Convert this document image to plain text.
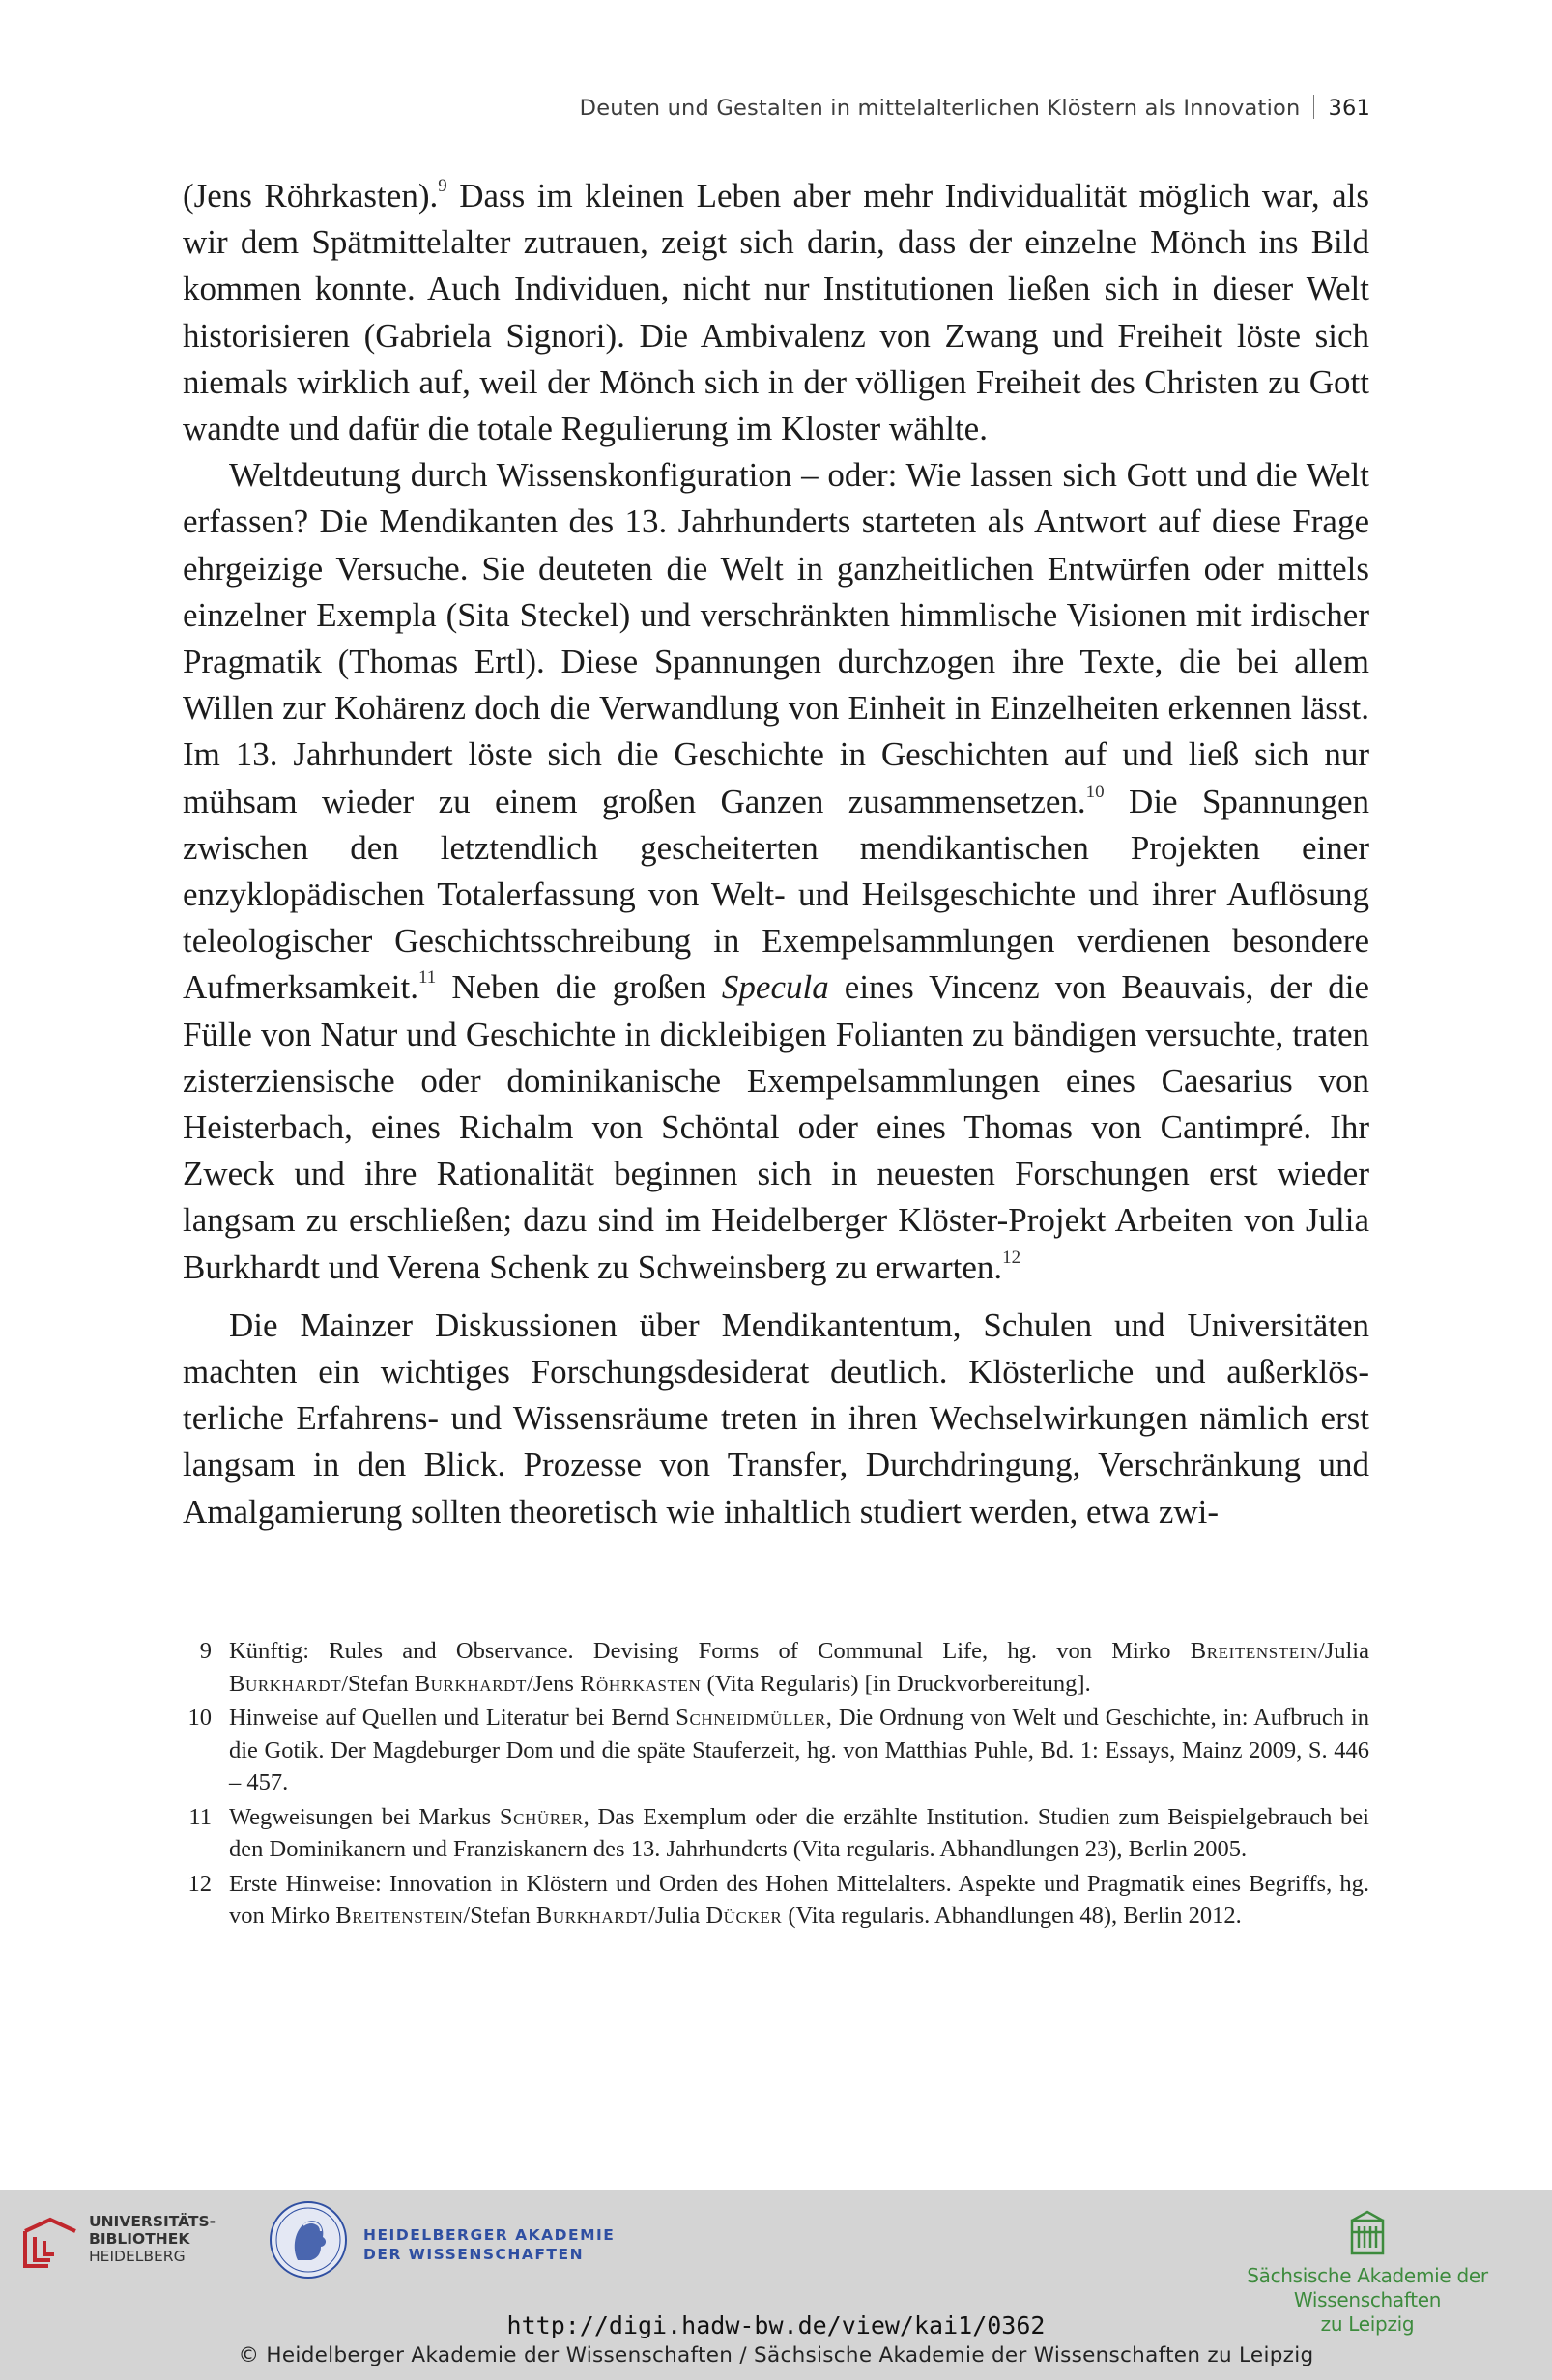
Deuten und Gestalten in mittelalterlichen Klöstern als Innovation 361

(Jens Röhrkasten).$^9$ Dass im kleinen Leben aber mehr Individualität möglich war, als wir dem Spätmittelalter zutrauen, zeigt sich darin, dass der einzelne Mönch ins Bild kommen konnte. Auch Individuen, nicht nur Institutionen ließen sich in dieser Welt historisieren (Gabriela Signori). Die Ambivalenz von Zwang und Freiheit löste sich niemals wirklich auf, weil der Mönch sich in der völligen Freiheit des Christen zu Gott wandte und dafür die totale Regulierung im Kloster wählte.

Weltdeutung durch Wissenskonfiguration – oder: Wie lassen sich Gott und die Welt erfassen? Die Mendikanten des 13. Jahrhunderts starteten als Antwort auf diese Frage ehrgeizige Versuche. Sie deuteten die Welt in ganzheitlichen Entwürfen oder mittels einzelner Exempla (Sita Steckel) und verschränkten himmlische Visionen mit irdischer Pragmatik (Thomas Ertl). Diese Spannungen durchzogen ihre Texte, die bei allem Willen zur Kohärenz doch die Verwandlung von Einheit in Einzelheiten erkennen lässt. Im 13. Jahrhundert löste sich die Geschichte in Geschichten auf und ließ sich nur mühsam wieder zu einem großen Ganzen zusammensetzen.$^{10}$ Die Spannungen zwischen den letztendlich gescheiterten mendikantischen Projekten einer enzyklopädischen Totalerfassung von Welt- und Heilsgeschichte und ihrer Auflösung teleologischer Geschichtsschreibung in Exempelsammlungen verdienen besondere Aufmerksamkeit.$^{11}$ Neben die großen Specula eines Vincenz von Beauvais, der die Fülle von Natur und Geschichte in dickleibigen Folianten zu bändigen versuchte, traten zisterziensische oder dominikanische Exempelsammlungen eines Caesarius von Heisterbach, eines Richalm von Schöntal oder eines Thomas von Cantimpré. Ihr Zweck und ihre Rationalität beginnen sich in neuesten Forschungen erst wieder langsam zu erschließen; dazu sind im Heidelberger Klöster-Projekt Arbeiten von Julia Burkhardt und Verena Schenk zu Schweinsberg zu erwarten.$^{12}$

Die Mainzer Diskussionen über Mendikantentum, Schulen und Universitäten machten ein wichtiges Forschungsdesiderat deutlich. Klösterliche und außerklösterliche Erfahrens- und Wissensräume treten in ihren Wechselwirkungen nämlich erst langsam in den Blick. Prozesse von Transfer, Durchdringung, Verschränkung und Amalgamierung sollten theoretisch wie inhaltlich studiert werden, etwa zwi-

9 Künftig: Rules and Observance. Devising Forms of Communal Life, hg. von Mirko Breitenstein/Julia Burkhardt/Stefan Burkhardt/Jens Röhrkasten (Vita Regularis) [in Druckvorbereitung].
10 Hinweise auf Quellen und Literatur bei Bernd Schneidmüller, Die Ordnung von Welt und Geschichte, in: Aufbruch in die Gotik. Der Magdeburger Dom und die späte Stauferzeit, hg. von Matthias Puhle, Bd. 1: Essays, Mainz 2009, S. 446 – 457.
11 Wegweisungen bei Markus Schürer, Das Exemplum oder die erzählte Institution. Studien zum Beispielgebrauch bei den Dominikanern und Franziskanern des 13. Jahrhunderts (Vita regularis. Abhandlungen 23), Berlin 2005.
12 Erste Hinweise: Innovation in Klöstern und Orden des Hohen Mittelalters. Aspekte und Pragmatik eines Begriffs, hg. von Mirko Breitenstein/Stefan Burkhardt/Julia Dücker (Vita regularis. Abhandlungen 48), Berlin 2012.
UNIVERSITÄTS-
BIBLIOTHEK
HEIDELBERG
HEIDELBERGER AKADEMIE
DER WISSENSCHAFTEN
Sächsische Akademie der Wissenschaften
zu Leipzig
http://digi.hadw-bw.de/view/kai1/0362
© Heidelberger Akademie der Wissenschaften / Sächsische Akademie der Wissenschaften zu Leipzig
